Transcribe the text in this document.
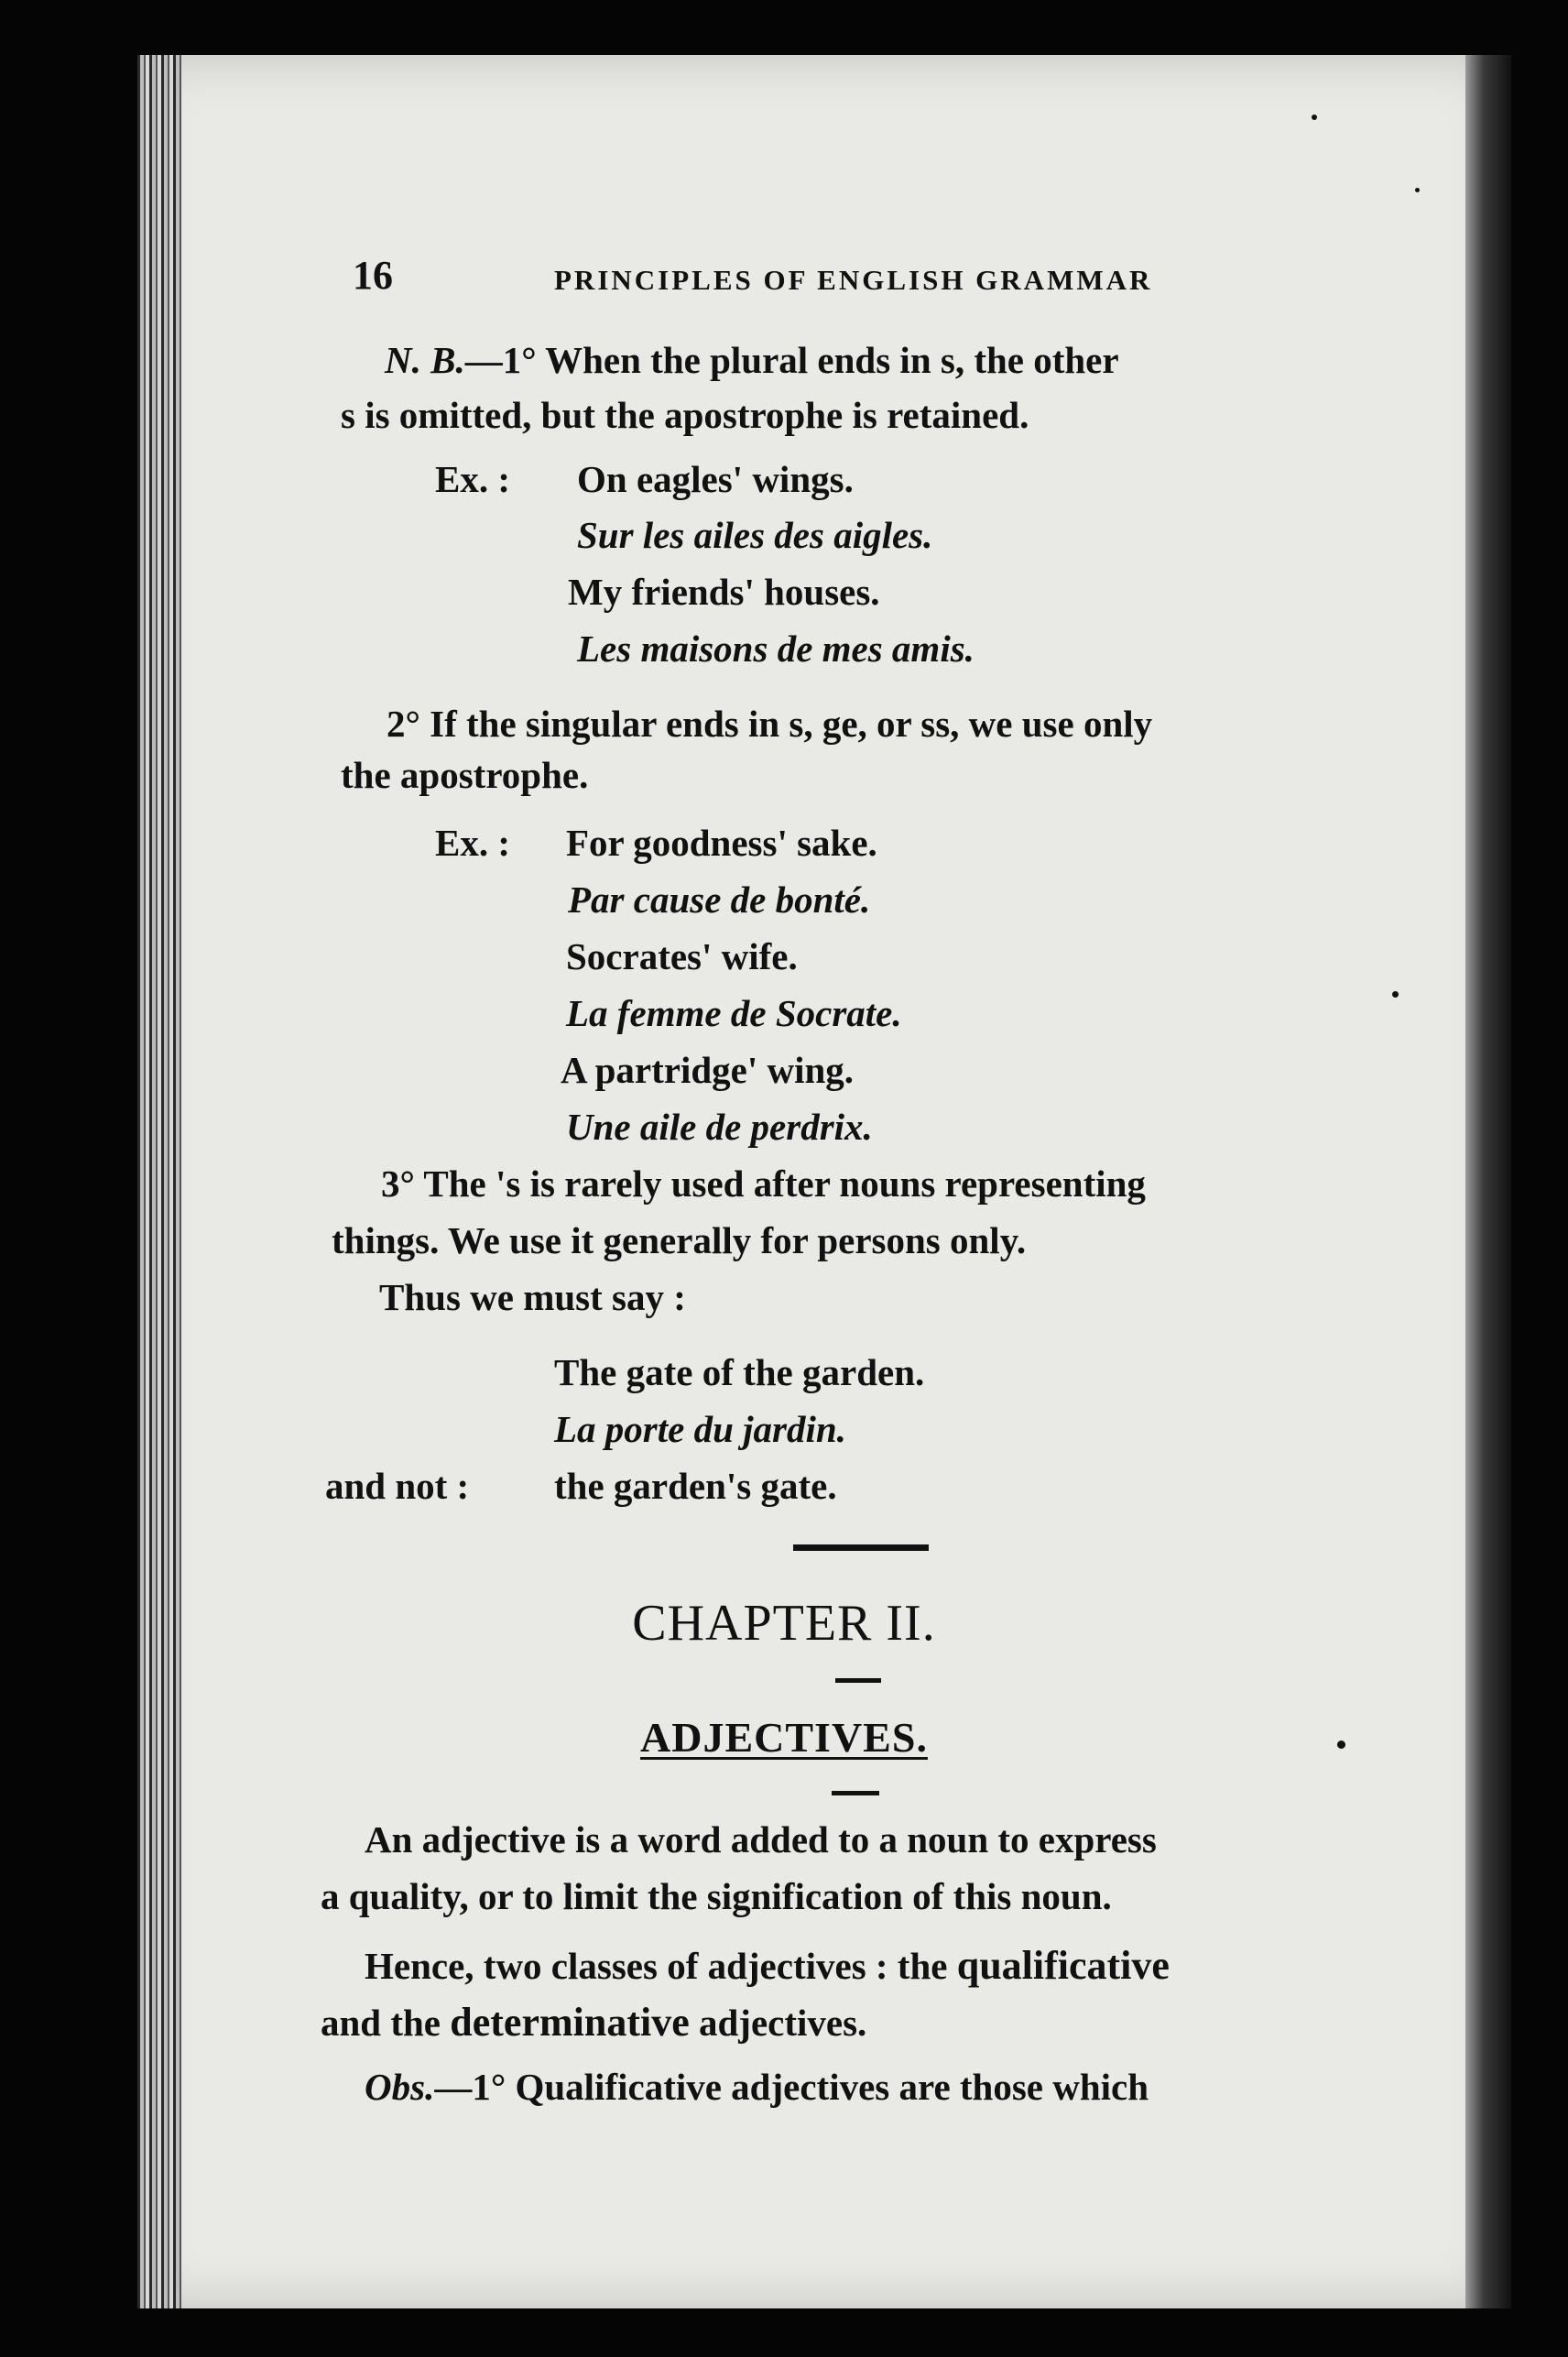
16	PRINCIPLES OF ENGLISH GRAMMAR
N. B.—1° When the plural ends in s, the other
s is omitted, but the apostrophe is retained.
Ex. : On eagles' wings.
Sur les ailes des aigles.
My friends' houses.
Les maisons de mes amis.
2° If the singular ends in s, ge, or ss, we use only
the apostrophe.
Ex. : For goodness' sake.
Par cause de bonté.
Socrates' wife.
La femme de Socrate.
A partridge' wing.
Une aile de perdrix.
3° The 's is rarely used after nouns representing
things. We use it generally for persons only.
Thus we must say :
The gate of the garden.
La porte du jardin.
and not : the garden's gate.
CHAPTER II.
ADJECTIVES.
An adjective is a word added to a noun to express
a quality, or to limit the signification of this noun.
Hence, two classes of adjectives : the qualificative
and the determinative adjectives.
Obs.—1° Qualificative adjectives are those which
